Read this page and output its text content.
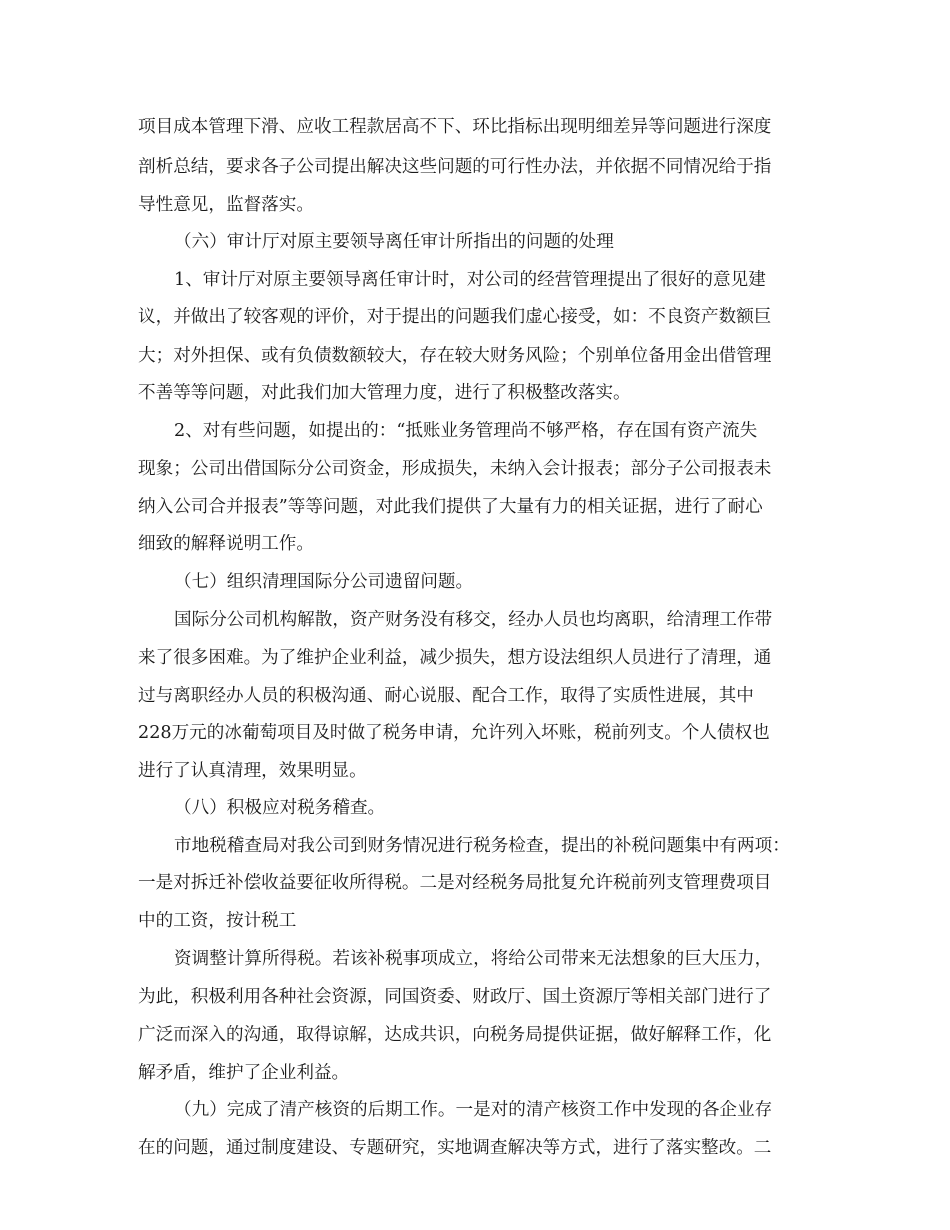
项目成本管理下滑、应收工程款居高不下、环比指标出现明细差异等问题进行深度
剖析总结，要求各子公司提出解决这些问题的可行性办法，并依据不同情况给于指
导性意见，监督落实。
（六）审计厅对原主要领导离任审计所指出的问题的处理
1、审计厅对原主要领导离任审计时，对公司的经营管理提出了很好的意见建
议，并做出了较客观的评价，对于提出的问题我们虚心接受，如：不良资产数额巨
大；对外担保、或有负债数额较大，存在较大财务风险；个别单位备用金出借管理
不善等等问题，对此我们加大管理力度，进行了积极整改落实。
2、对有些问题，如提出的：“抵账业务管理尚不够严格，存在国有资产流失
现象；公司出借国际分公司资金，形成损失，未纳入会计报表；部分子公司报表未
纳入公司合并报表”等等问题，对此我们提供了大量有力的相关证据，进行了耐心
细致的解释说明工作。
（七）组织清理国际分公司遗留问题。
国际分公司机构解散，资产财务没有移交，经办人员也均离职，给清理工作带
来了很多困难。为了维护企业利益，减少损失，想方设法组织人员进行了清理，通
过与离职经办人员的积极沟通、耐心说服、配合工作，取得了实质性进展，其中
228万元的冰葡萄项目及时做了税务申请，允许列入坏账，税前列支。个人债权也
进行了认真清理，效果明显。
（八）积极应对税务稽查。
市地税稽查局对我公司到财务情况进行税务检查，提出的补税问题集中有两项：
一是对拆迁补偿收益要征收所得税。二是对经税务局批复允许税前列支管理费项目
中的工资，按计税工
资调整计算所得税。若该补税事项成立，将给公司带来无法想象的巨大压力，
为此，积极利用各种社会资源，同国资委、财政厅、国土资源厅等相关部门进行了
广泛而深入的沟通，取得谅解，达成共识，向税务局提供证据，做好解释工作，化
解矛盾，维护了企业利益。
（九）完成了清产核资的后期工作。一是对的清产核资工作中发现的各企业存
在的问题，通过制度建设、专题研究，实地调查解决等方式，进行了落实整改。二
